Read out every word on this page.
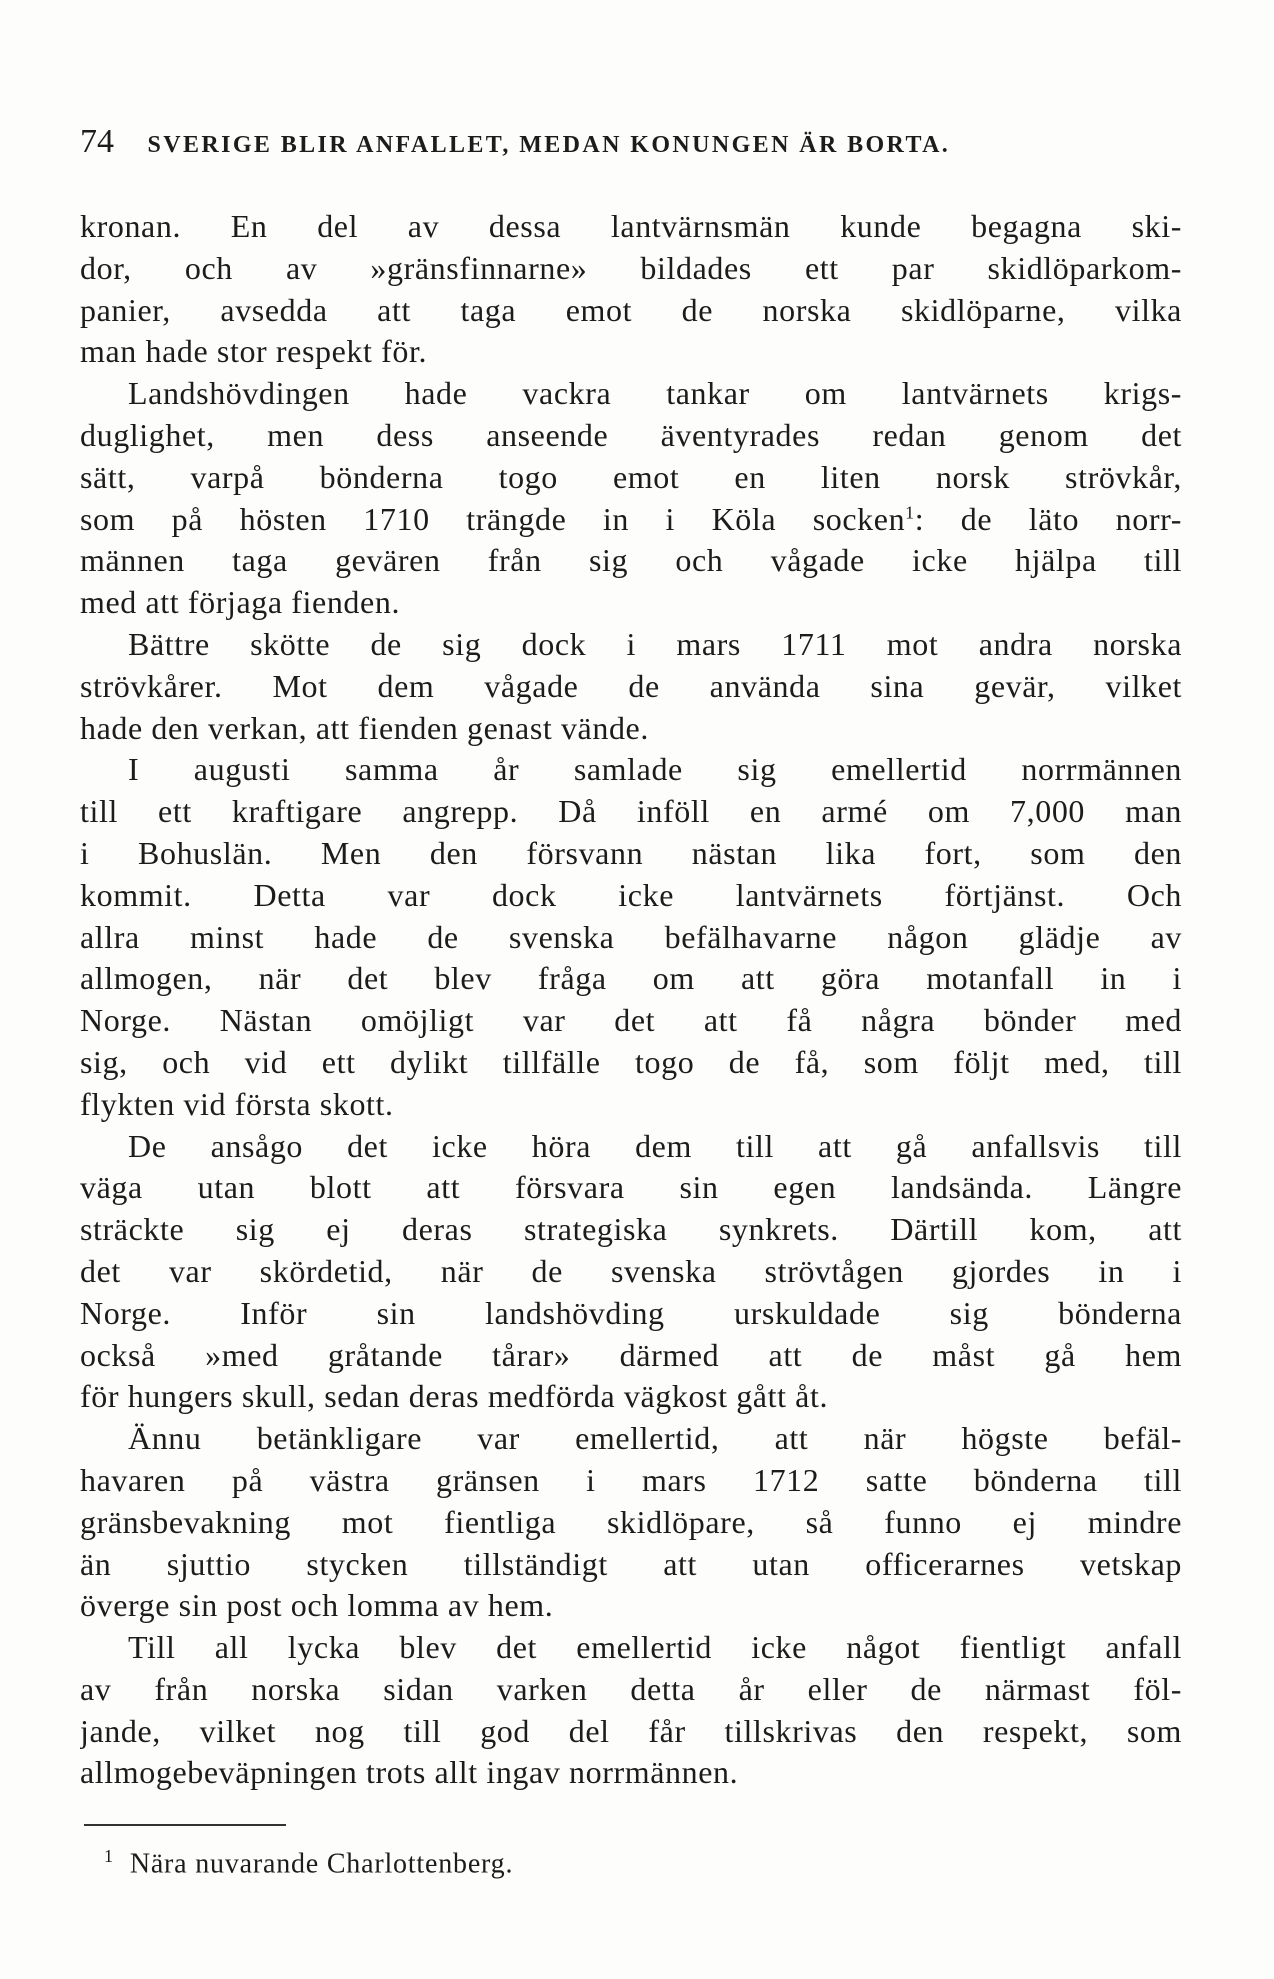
74 SVERIGE BLIR ANFALLET, MEDAN KONUNGEN ÄR BORTA.
kronan. En del av dessa lantvärnsmän kunde begagna ski-
dor, och av »gränsfinnarne» bildades ett par skidlöparkom-
panier, avsedda att taga emot de norska skidlöparne, vilka
man hade stor respekt för.
Landshövdingen hade vackra tankar om lantvärnets krigs-
duglighet, men dess anseende äventyrades redan genom det
sätt, varpå bönderna togo emot en liten norsk strövkår,
som på hösten 1710 trängde in i Köla socken$^1$: de läto norr-
männen taga gevären från sig och vågade icke hjälpa till
med att förjaga fienden.
Bättre skötte de sig dock i mars 1711 mot andra norska
strövkårer. Mot dem vågade de använda sina gevär, vilket
hade den verkan, att fienden genast vände.
I augusti samma år samlade sig emellertid norrmännen
till ett kraftigare angrepp. Då inföll en armé om 7,000 man
i Bohuslän. Men den försvann nästan lika fort, som den
kommit. Detta var dock icke lantvärnets förtjänst. Och
allra minst hade de svenska befälhavarne någon glädje av
allmogen, när det blev fråga om att göra motanfall in i
Norge. Nästan omöjligt var det att få några bönder med
sig, och vid ett dylikt tillfälle togo de få, som följt med, till
flykten vid första skott.
De ansågo det icke höra dem till att gå anfallsvis till
väga utan blott att försvara sin egen landsända. Längre
sträckte sig ej deras strategiska synkrets. Därtill kom, att
det var skördetid, när de svenska strövtågen gjordes in i
Norge. Inför sin landshövding urskuldade sig bönderna
också »med gråtande tårar» därmed att de måst gå hem
för hungers skull, sedan deras medförda vägkost gått åt.
Ännu betänkligare var emellertid, att när högste befäl-
havaren på västra gränsen i mars 1712 satte bönderna till
gränsbevakning mot fientliga skidlöpare, så funno ej mindre
än sjuttio stycken tillständigt att utan officerarnes vetskap
överge sin post och lomma av hem.
Till all lycka blev det emellertid icke något fientligt anfall
av från norska sidan varken detta år eller de närmast föl-
jande, vilket nog till god del får tillskrivas den respekt, som
allmogebeväpningen trots allt ingav norrmännen.
$^1$ Nära nuvarande Charlottenberg.
